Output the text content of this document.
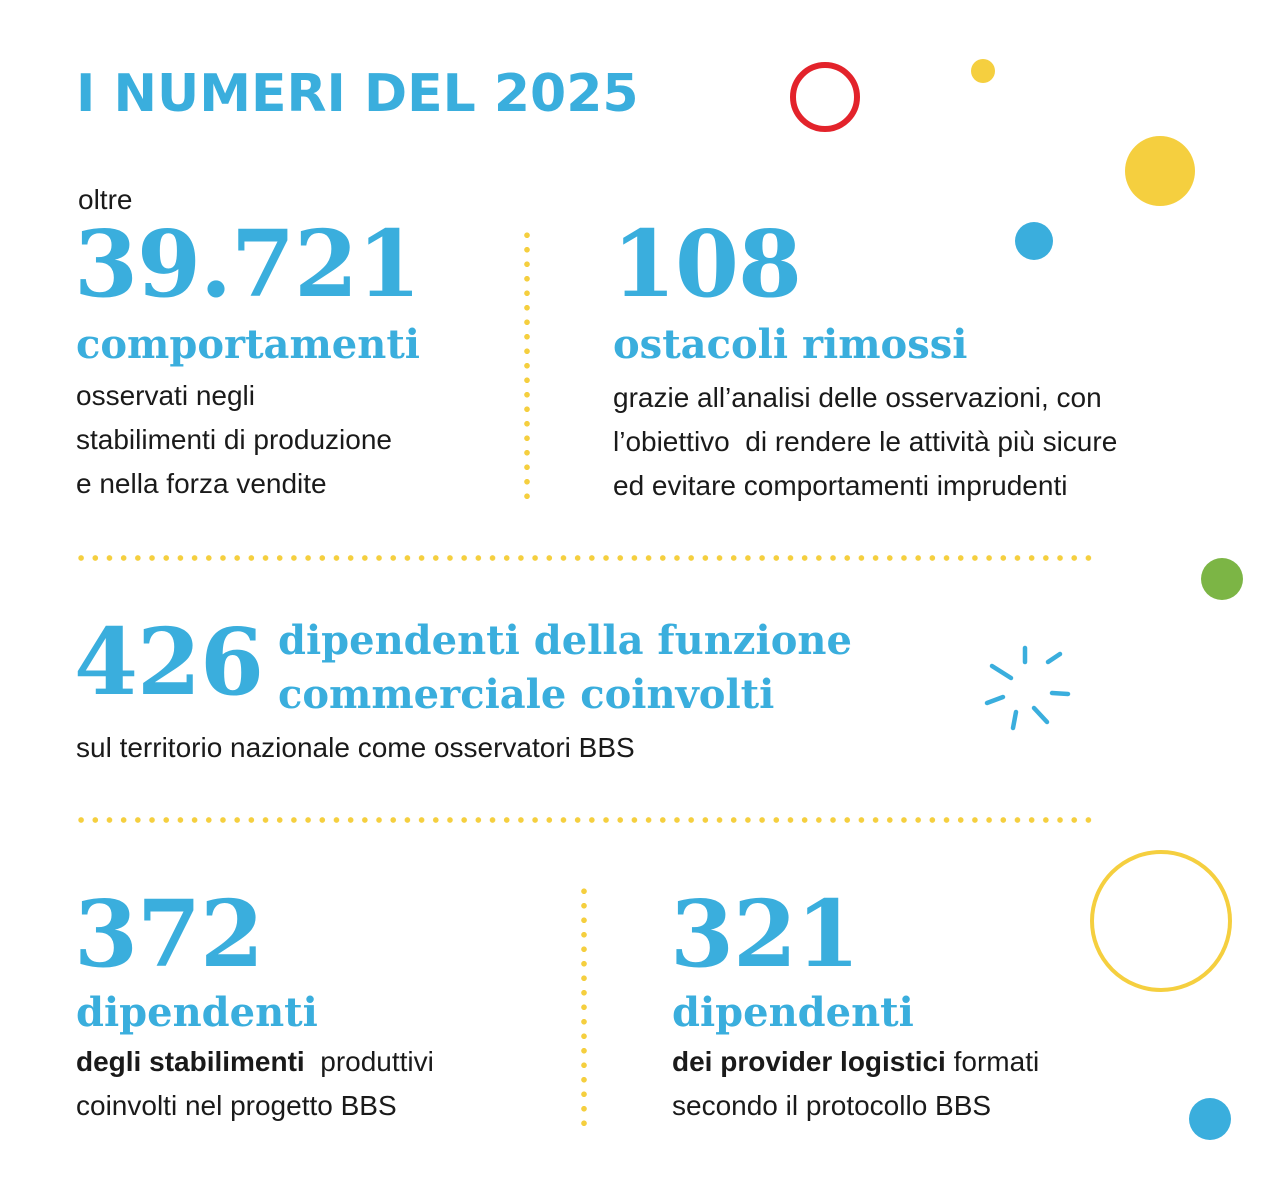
I NUMERI DEL 2025
oltre
39.721
comportamenti
osservati negli
stabilimenti di produzione
e nella forza vendite
108
ostacoli rimossi
grazie all’analisi delle osservazioni, con
l’obiettivo  di rendere le attività più sicure
ed evitare comportamenti imprudenti
426 dipendenti della funzione
commerciale coinvolti
sul territorio nazionale come osservatori BBS
372
dipendenti
degli stabilimenti  produttivi
coinvolti nel progetto BBS
321
dipendenti
dei provider logistici formati
secondo il protocollo BBS
